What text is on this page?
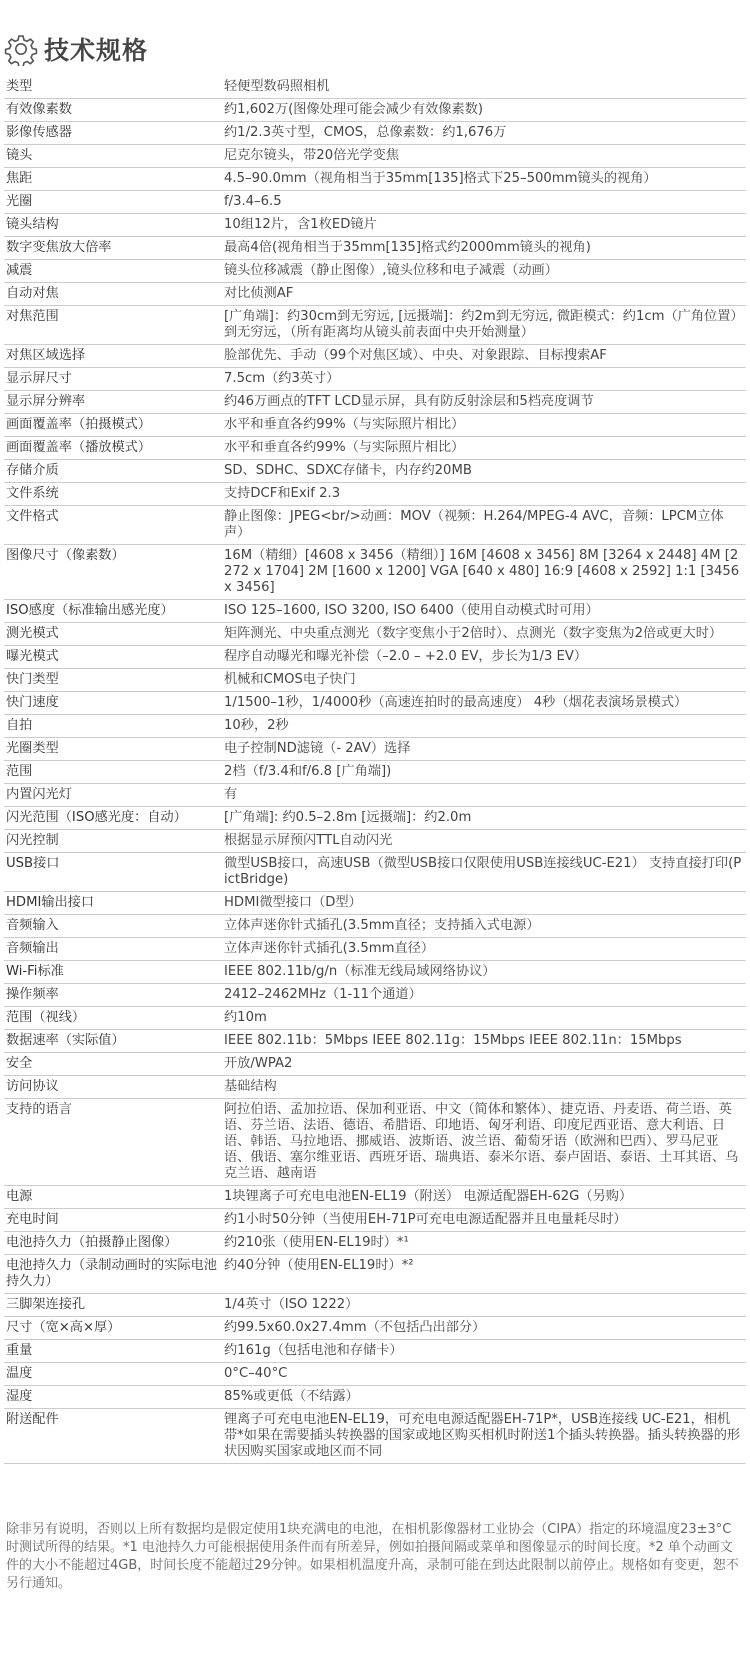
技术规格
类型	轻便型数码照相机
有效像素数	约1,602万(图像处理可能会减少有效像素数)
影像传感器	约1/2.3英寸型，CMOS，总像素数：约1,676万
镜头	尼克尔镜头，带20倍光学变焦
焦距	4.5–90.0mm（视角相当于35mm[135]格式下25–500mm镜头的视角）
光圈	f/3.4–6.5
镜头结构	10组12片，含1枚ED镜片
数字变焦放大倍率	最高4倍(视角相当于35mm[135]格式约2000mm镜头的视角)
减震	镜头位移减震（静止图像）,镜头位移和电子减震（动画）
自动对焦	对比侦测AF
对焦范围	[广角端]：约30cm到无穷远, [远摄端]：约2m到无穷远, 微距模式：约1cm（广角位置）到无穷远，（所有距离均从镜头前表面中央开始测量）
对焦区域选择	脸部优先、手动（99个对焦区域）、中央、对象跟踪、目标搜索AF
显示屏尺寸	7.5cm（约3英寸）
显示屏分辨率	约46万画点的TFT LCD显示屏，具有防反射涂层和5档亮度调节
画面覆盖率（拍摄模式）	水平和垂直各约99%（与实际照片相比）
画面覆盖率（播放模式）	水平和垂直各约99%（与实际照片相比）
存储介质	SD、SDHC、SDXC存储卡，内存约20MB
文件系统	支持DCF和Exif 2.3
文件格式	静止图像：JPEG<br/>动画：MOV（视频：H.264/MPEG-4 AVC，音频：LPCM立体声）
图像尺寸（像素数）	16M（精细）[4608 x 3456（精细）] 16M [4608 x 3456] 8M [3264 x 2448] 4M [2272 x 1704] 2M [1600 x 1200] VGA [640 x 480] 16:9 [4608 x 2592] 1:1 [3456 x 3456]
ISO感度（标准输出感光度）	ISO 125–1600, ISO 3200, ISO 6400（使用自动模式时可用）
测光模式	矩阵测光、中央重点测光（数字变焦小于2倍时）、点测光（数字变焦为2倍或更大时）
曝光模式	程序自动曝光和曝光补偿（–2.0 – +2.0 EV，步长为1/3 EV）
快门类型	机械和CMOS电子快门
快门速度	1/1500–1秒，1/4000秒（高速连拍时的最高速度） 4秒（烟花表演场景模式）
自拍	10秒，2秒
光圈类型	电子控制ND滤镜（- 2AV）选择
范围	2档（f/3.4和f/6.8 [广角端])
内置闪光灯	有
闪光范围（ISO感光度：自动）	[广角端]: 约0.5–2.8m [远摄端]：约2.0m
闪光控制	根据显示屏预闪TTL自动闪光
USB接口	微型USB接口，高速USB（微型USB接口仅限使用USB连接线UC-E21） 支持直接打印(PictBridge)
HDMI输出接口	HDMI微型接口（D型）
音频输入	立体声迷你针式插孔(3.5mm直径；支持插入式电源）
音频输出	立体声迷你针式插孔(3.5mm直径）
Wi-Fi标准	IEEE 802.11b/g/n（标准无线局域网络协议）
操作频率	2412–2462MHz（1-11个通道）
范围（视线）	约10m
数据速率（实际值）	IEEE 802.11b：5Mbps IEEE 802.11g：15Mbps IEEE 802.11n：15Mbps
安全	开放/WPA2
访问协议	基础结构
支持的语言	阿拉伯语、孟加拉语、保加利亚语、中文（简体和繁体）、捷克语、丹麦语、荷兰语、英语、芬兰语、法语、德语、希腊语、印地语、匈牙利语、印度尼西亚语、意大利语、日语、韩语、马拉地语、挪威语、波斯语、波兰语、葡萄牙语（欧洲和巴西）、罗马尼亚语、俄语、塞尔维亚语、西班牙语、瑞典语、泰米尔语、泰卢固语、泰语、土耳其语、乌克兰语、越南语
电源	1块锂离子可充电电池EN-EL19（附送） 电源适配器EH-62G（另购）
充电时间	约1小时50分钟（当使用EH-71P可充电电源适配器并且电量耗尽时）
电池持久力（拍摄静止图像）	约210张（使用EN-EL19时）*¹
电池持久力（录制动画时的实际电池持久力）	约40分钟（使用EN-EL19时）*²
三脚架连接孔	1/4英寸（ISO 1222）
尺寸（宽×高×厚）	约99.5x60.0x27.4mm（不包括凸出部分）
重量	约161g（包括电池和存储卡）
温度	0°C–40°C
湿度	85%或更低（不结露）
附送配件	锂离子可充电电池EN-EL19，可充电电源适配器EH-71P*，USB连接线 UC-E21，相机带*如果在需要插头转换器的国家或地区购买相机时附送1个插头转换器。插头转换器的形状因购买国家或地区而不同
除非另有说明，否则以上所有数据均是假定使用1块充满电的电池，在相机影像器材工业协会（CIPA）指定的环境温度23±3°C时测试所得的结果。*1 电池持久力可能根据使用条件而有所差异，例如拍摄间隔或菜单和图像显示的时间长度。*2 单个动画文件的大小不能超过4GB，时间长度不能超过29分钟。如果相机温度升高，录制可能在到达此限制以前停止。规格如有变更，恕不另行通知。
